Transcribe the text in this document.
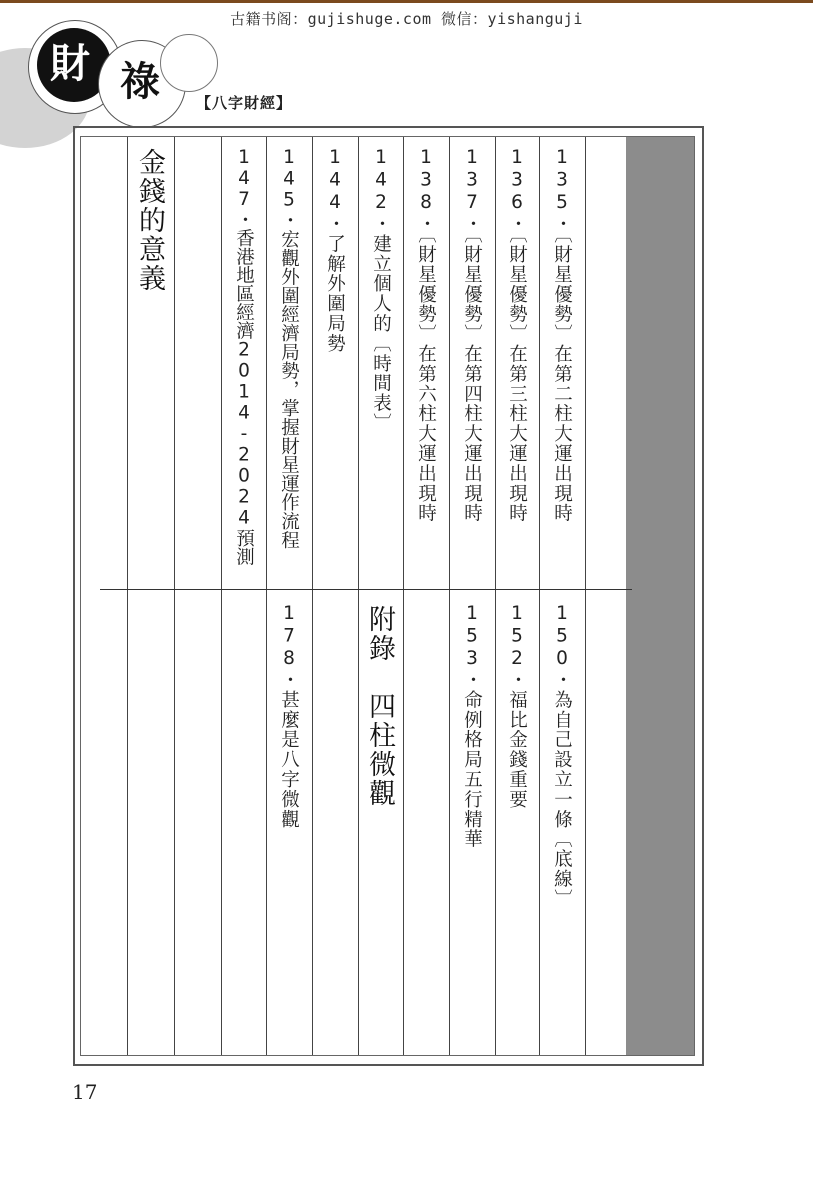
古籍书阁：gujishuge.com 微信：yishanguji
財 祿 【八字財經】
135・〔財星優勢〕在第二柱大運出現時
136・〔財星優勢〕在第三柱大運出現時
137・〔財星優勢〕在第四柱大運出現時
138・〔財星優勢〕在第六柱大運出現時
142・建立個人的〔時間表〕
144・了解外圍局勢
145・宏觀外圍經濟局勢，掌握財星運作流程
147・香港地區經濟2014-2024預測
金錢的意義
150・為自己設立一條〔底線〕
152・福比金錢重要
153・命例格局五行精華
附錄　四柱微觀
178・甚麼是八字微觀
17
